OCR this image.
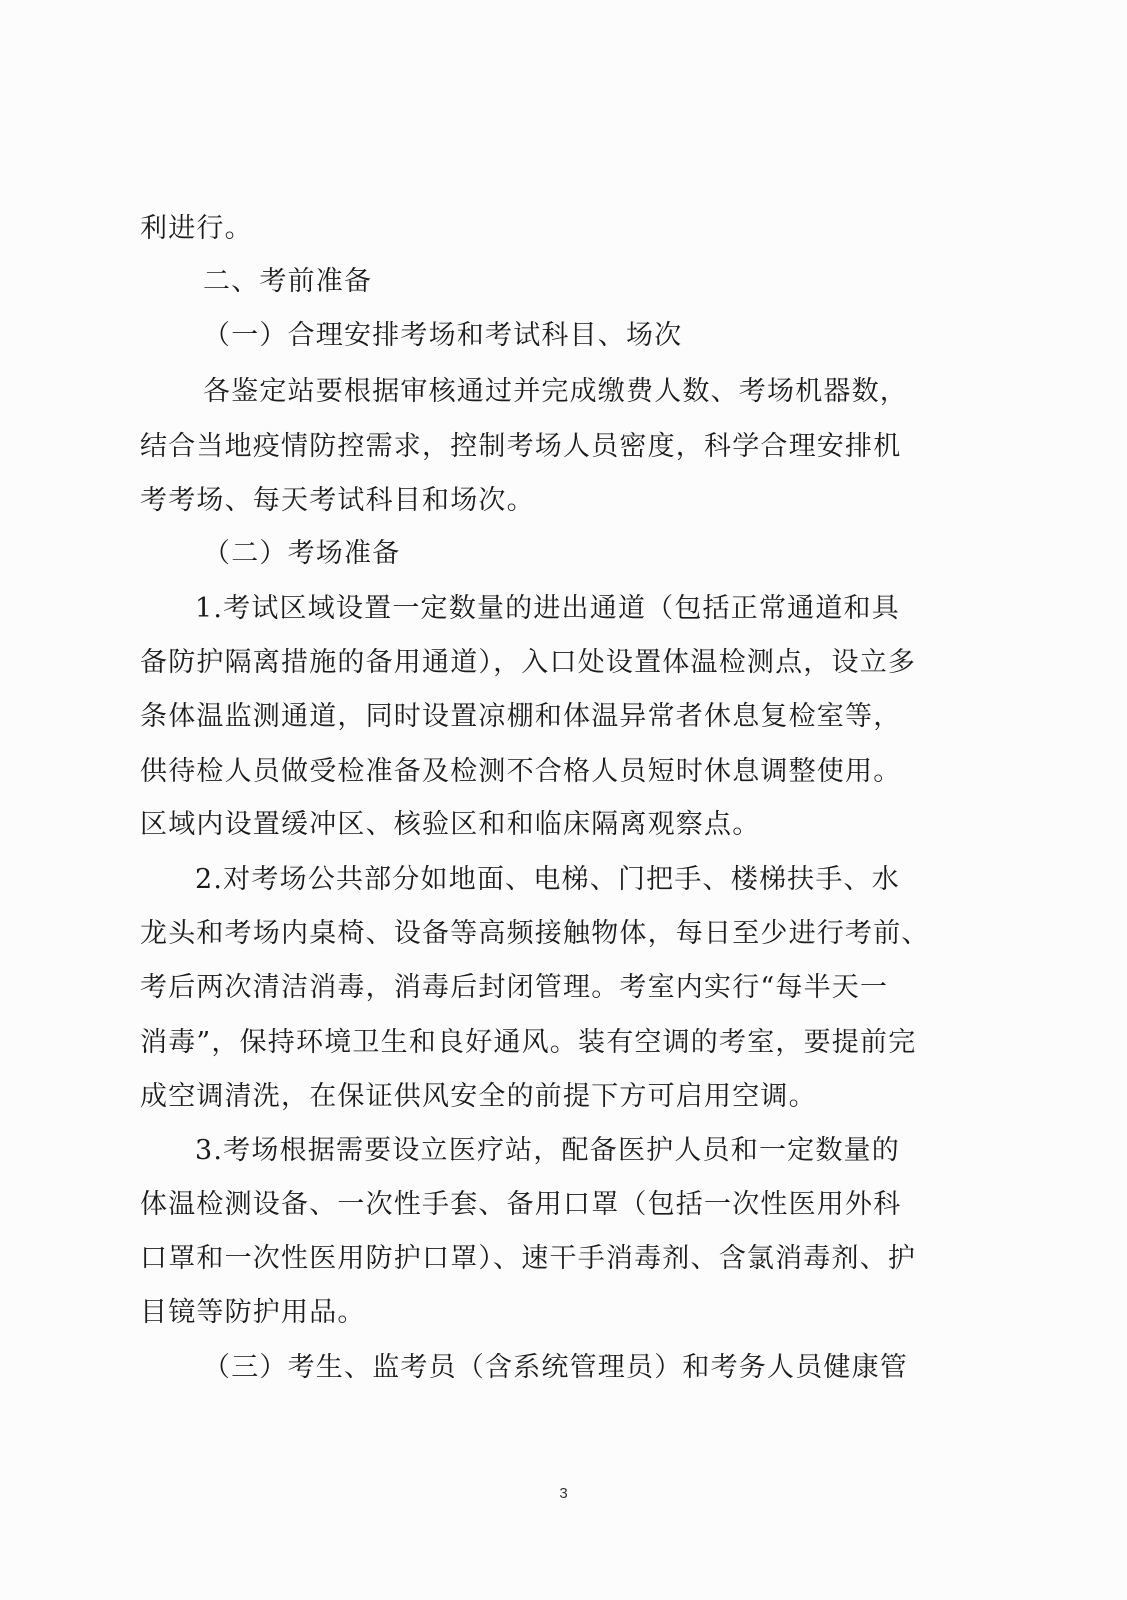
利进行。
二、考前准备
（一）合理安排考场和考试科目、场次
各鉴定站要根据审核通过并完成缴费人数、考场机器数，
结合当地疫情防控需求，控制考场人员密度，科学合理安排机
考考场、每天考试科目和场次。
（二）考场准备
1.考试区域设置一定数量的进出通道（包括正常通道和具
备防护隔离措施的备用通道），入口处设置体温检测点，设立多
条体温监测通道，同时设置凉棚和体温异常者休息复检室等，
供待检人员做受检准备及检测不合格人员短时休息调整使用。
区域内设置缓冲区、核验区和和临床隔离观察点。
2.对考场公共部分如地面、电梯、门把手、楼梯扶手、水
龙头和考场内桌椅、设备等高频接触物体，每日至少进行考前、
考后两次清洁消毒，消毒后封闭管理。考室内实行“每半天一
消毒”，保持环境卫生和良好通风。装有空调的考室，要提前完
成空调清洗，在保证供风安全的前提下方可启用空调。
3.考场根据需要设立医疗站，配备医护人员和一定数量的
体温检测设备、一次性手套、备用口罩（包括一次性医用外科
口罩和一次性医用防护口罩）、速干手消毒剂、含氯消毒剂、护
目镜等防护用品。
（三）考生、监考员（含系统管理员）和考务人员健康管
3
